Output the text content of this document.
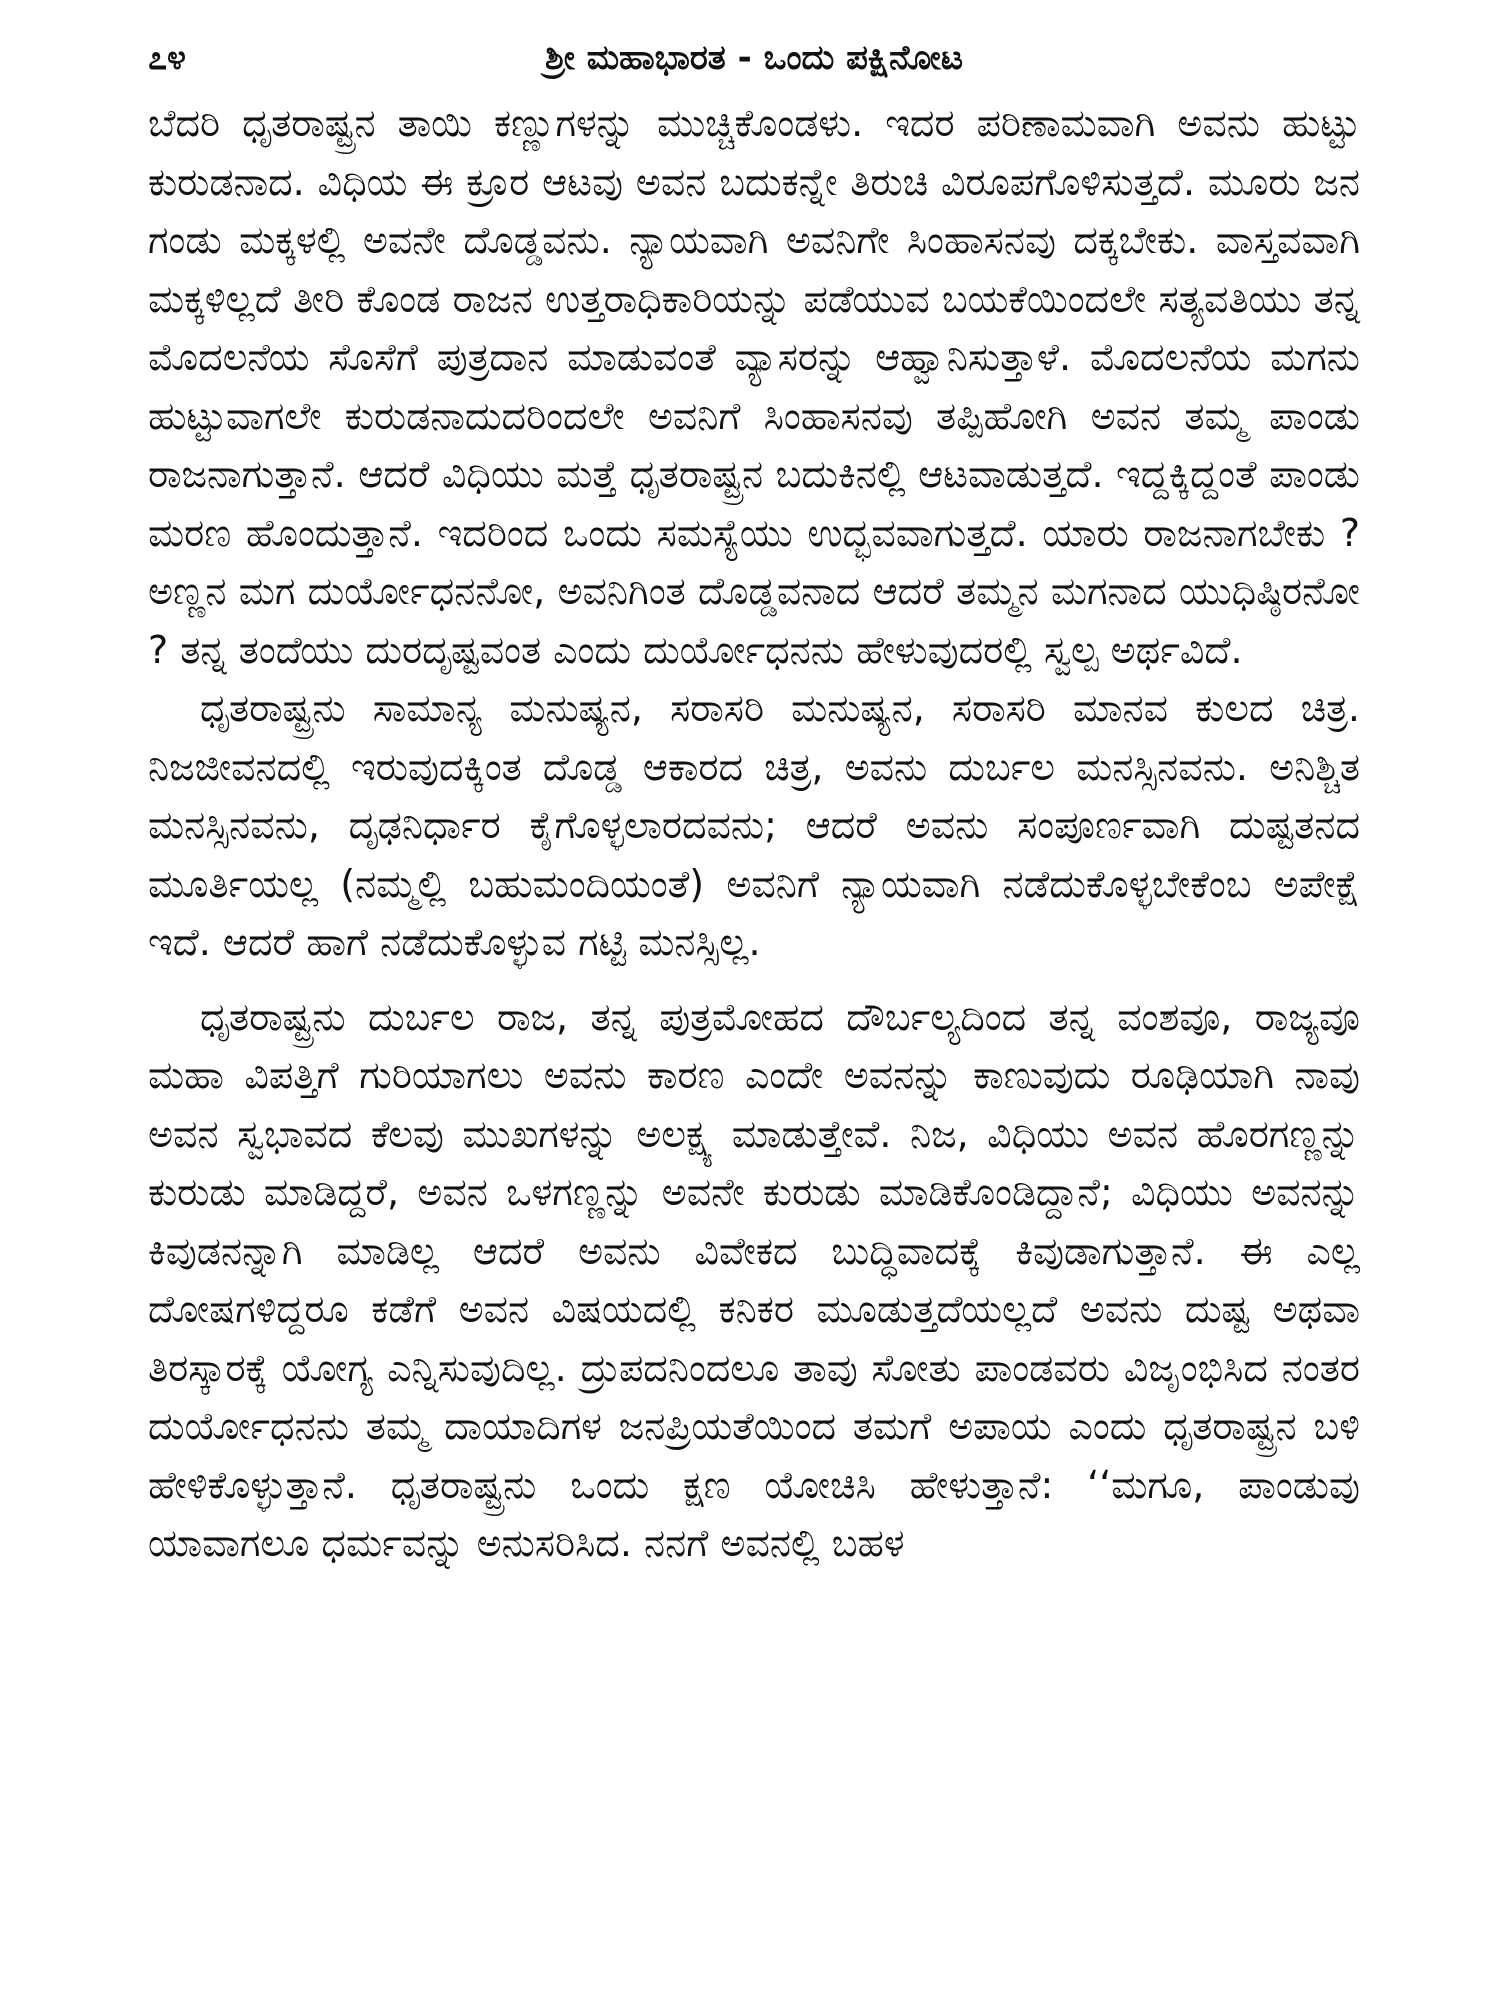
೭೪	ಶ್ರೀ ಮಹಾಭಾರತ - ಒಂದು ಪಕ್ಷಿನೋಟ

ಬೆದರಿ ಧೃತರಾಷ್ಟ್ರನ ತಾಯಿ ಕಣ್ಣುಗಳನ್ನು ಮುಚ್ಚಿಕೊಂಡಳು. ಇದರ ಪರಿಣಾಮವಾಗಿ ಅವನು ಹುಟ್ಟು ಕುರುಡನಾದ. ವಿಧಿಯ ಈ ಕ್ರೂರ ಆಟವು ಅವನ ಬದುಕನ್ನೇ ತಿರುಚಿ ವಿರೂಪಗೊಳಿಸುತ್ತದೆ. ಮೂರು ಜನ ಗಂಡು ಮಕ್ಕಳಲ್ಲಿ ಅವನೇ ದೊಡ್ಡವನು. ನ್ಯಾಯವಾಗಿ ಅವನಿಗೇ ಸಿಂಹಾಸನವು ದಕ್ಕಬೇಕು. ವಾಸ್ತವವಾಗಿ ಮಕ್ಕಳಿಲ್ಲದೆ ತೀರಿ ಕೊಂಡ ರಾಜನ ಉತ್ತರಾಧಿಕಾರಿಯನ್ನು ಪಡೆಯುವ ಬಯಕೆಯಿಂದಲೇ ಸತ್ಯವತಿಯು ತನ್ನ ಮೊದಲನೆಯ ಸೊಸೆಗೆ ಪುತ್ರದಾನ ಮಾಡುವಂತೆ ವ್ಯಾಸರನ್ನು ಆಹ್ವಾನಿಸುತ್ತಾಳೆ. ಮೊದಲನೆಯ ಮಗನು ಹುಟ್ಟುವಾಗಲೇ ಕುರುಡನಾದುದರಿಂದಲೇ ಅವನಿಗೆ ಸಿಂಹಾಸನವು ತಪ್ಪಿಹೋಗಿ ಅವನ ತಮ್ಮ ಪಾಂಡು ರಾಜನಾಗುತ್ತಾನೆ. ಆದರೆ ವಿಧಿಯು ಮತ್ತೆ ಧೃತರಾಷ್ಟ್ರನ ಬದುಕಿನಲ್ಲಿ ಆಟವಾಡುತ್ತದೆ. ಇದ್ದಕ್ಕಿದ್ದಂತೆ ಪಾಂಡು ಮರಣ ಹೊಂದುತ್ತಾನೆ. ಇದರಿಂದ ಒಂದು ಸಮಸ್ಯೆಯು ಉದ್ಭವವಾಗುತ್ತದೆ. ಯಾರು ರಾಜನಾಗಬೇಕು ? ಅಣ್ಣನ ಮಗ ದುರ್ಯೋಧನನೋ, ಅವನಿಗಿಂತ ದೊಡ್ಡವನಾದ ಆದರೆ ತಮ್ಮನ ಮಗನಾದ ಯುಧಿಷ್ಠಿರನೋ ? ತನ್ನ ತಂದೆಯು ದುರದೃಷ್ಟವಂತ ಎಂದು ದುರ್ಯೋಧನನು ಹೇಳುವುದರಲ್ಲಿ ಸ್ವಲ್ಪ ಅರ್ಥವಿದೆ.

ಧೃತರಾಷ್ಟ್ರನು ಸಾಮಾನ್ಯ ಮನುಷ್ಯನ, ಸರಾಸರಿ ಮನುಷ್ಯನ, ಸರಾಸರಿ ಮಾನವ ಕುಲದ ಚಿತ್ರ. ನಿಜಜೀವನದಲ್ಲಿ ಇರುವುದಕ್ಕಿಂತ ದೊಡ್ಡ ಆಕಾರದ ಚಿತ್ರ, ಅವನು ದುರ್ಬಲ ಮನಸ್ಸಿನವನು. ಅನಿಶ್ಚಿತ ಮನಸ್ಸಿನವನು, ದೃಢನಿರ್ಧಾರ ಕೈಗೊಳ್ಳಲಾರದವನು; ಆದರೆ ಅವನು ಸಂಪೂರ್ಣವಾಗಿ ದುಷ್ಟತನದ ಮೂರ್ತಿಯಲ್ಲ (ನಮ್ಮಲ್ಲಿ ಬಹುಮಂದಿಯಂತೆ) ಅವನಿಗೆ ನ್ಯಾಯವಾಗಿ ನಡೆದುಕೊಳ್ಳಬೇಕೆಂಬ ಅಪೇಕ್ಷೆ ಇದೆ. ಆದರೆ ಹಾಗೆ ನಡೆದುಕೊಳ್ಳುವ ಗಟ್ಟಿ ಮನಸ್ಸಿಲ್ಲ.

ಧೃತರಾಷ್ಟ್ರನು ದುರ್ಬಲ ರಾಜ, ತನ್ನ ಪುತ್ರಮೋಹದ ದೌರ್ಬಲ್ಯದಿಂದ ತನ್ನ ವಂಶವೂ, ರಾಜ್ಯವೂ ಮಹಾ ವಿಪತ್ತಿಗೆ ಗುರಿಯಾಗಲು ಅವನು ಕಾರಣ ಎಂದೇ ಅವನನ್ನು ಕಾಣುವುದು ರೂಢಿಯಾಗಿ ನಾವು ಅವನ ಸ್ವಭಾವದ ಕೆಲವು ಮುಖಗಳನ್ನು ಅಲಕ್ಷ್ಯ ಮಾಡುತ್ತೇವೆ. ನಿಜ, ವಿಧಿಯು ಅವನ ಹೊರಗಣ್ಣನ್ನು ಕುರುಡು ಮಾಡಿದ್ದರೆ, ಅವನ ಒಳಗಣ್ಣನ್ನು ಅವನೇ ಕುರುಡು ಮಾಡಿಕೊಂಡಿದ್ದಾನೆ; ವಿಧಿಯು ಅವನನ್ನು ಕಿವುಡನನ್ನಾಗಿ ಮಾಡಿಲ್ಲ ಆದರೆ ಅವನು ವಿವೇಕದ ಬುದ್ಧಿವಾದಕ್ಕೆ ಕಿವುಡಾಗುತ್ತಾನೆ. ಈ ಎಲ್ಲ ದೋಷಗಳಿದ್ದರೂ ಕಡೆಗೆ ಅವನ ವಿಷಯದಲ್ಲಿ ಕನಿಕರ ಮೂಡುತ್ತದೆಯಲ್ಲದೆ ಅವನು ದುಷ್ಟ ಅಥವಾ ತಿರಸ್ಕಾರಕ್ಕೆ ಯೋಗ್ಯ ಎನ್ನಿಸುವುದಿಲ್ಲ. ದ್ರುಪದನಿಂದಲೂ ತಾವು ಸೋತು ಪಾಂಡವರು ವಿಜೃಂಭಿಸಿದ ನಂತರ ದುರ್ಯೋಧನನು ತಮ್ಮ ದಾಯಾದಿಗಳ ಜನಪ್ರಿಯತೆಯಿಂದ ತಮಗೆ ಅಪಾಯ ಎಂದು ಧೃತರಾಷ್ಟ್ರನ ಬಳಿ ಹೇಳಿಕೊಳ್ಳುತ್ತಾನೆ. ಧೃತರಾಷ್ಟ್ರನು ಒಂದು ಕ್ಷಣ ಯೋಚಿಸಿ ಹೇಳುತ್ತಾನೆ: ‘‘ಮಗೂ, ಪಾಂಡುವು ಯಾವಾಗಲೂ ಧರ್ಮವನ್ನು ಅನುಸರಿಸಿದ. ನನಗೆ ಅವನಲ್ಲಿ ಬಹಳ
